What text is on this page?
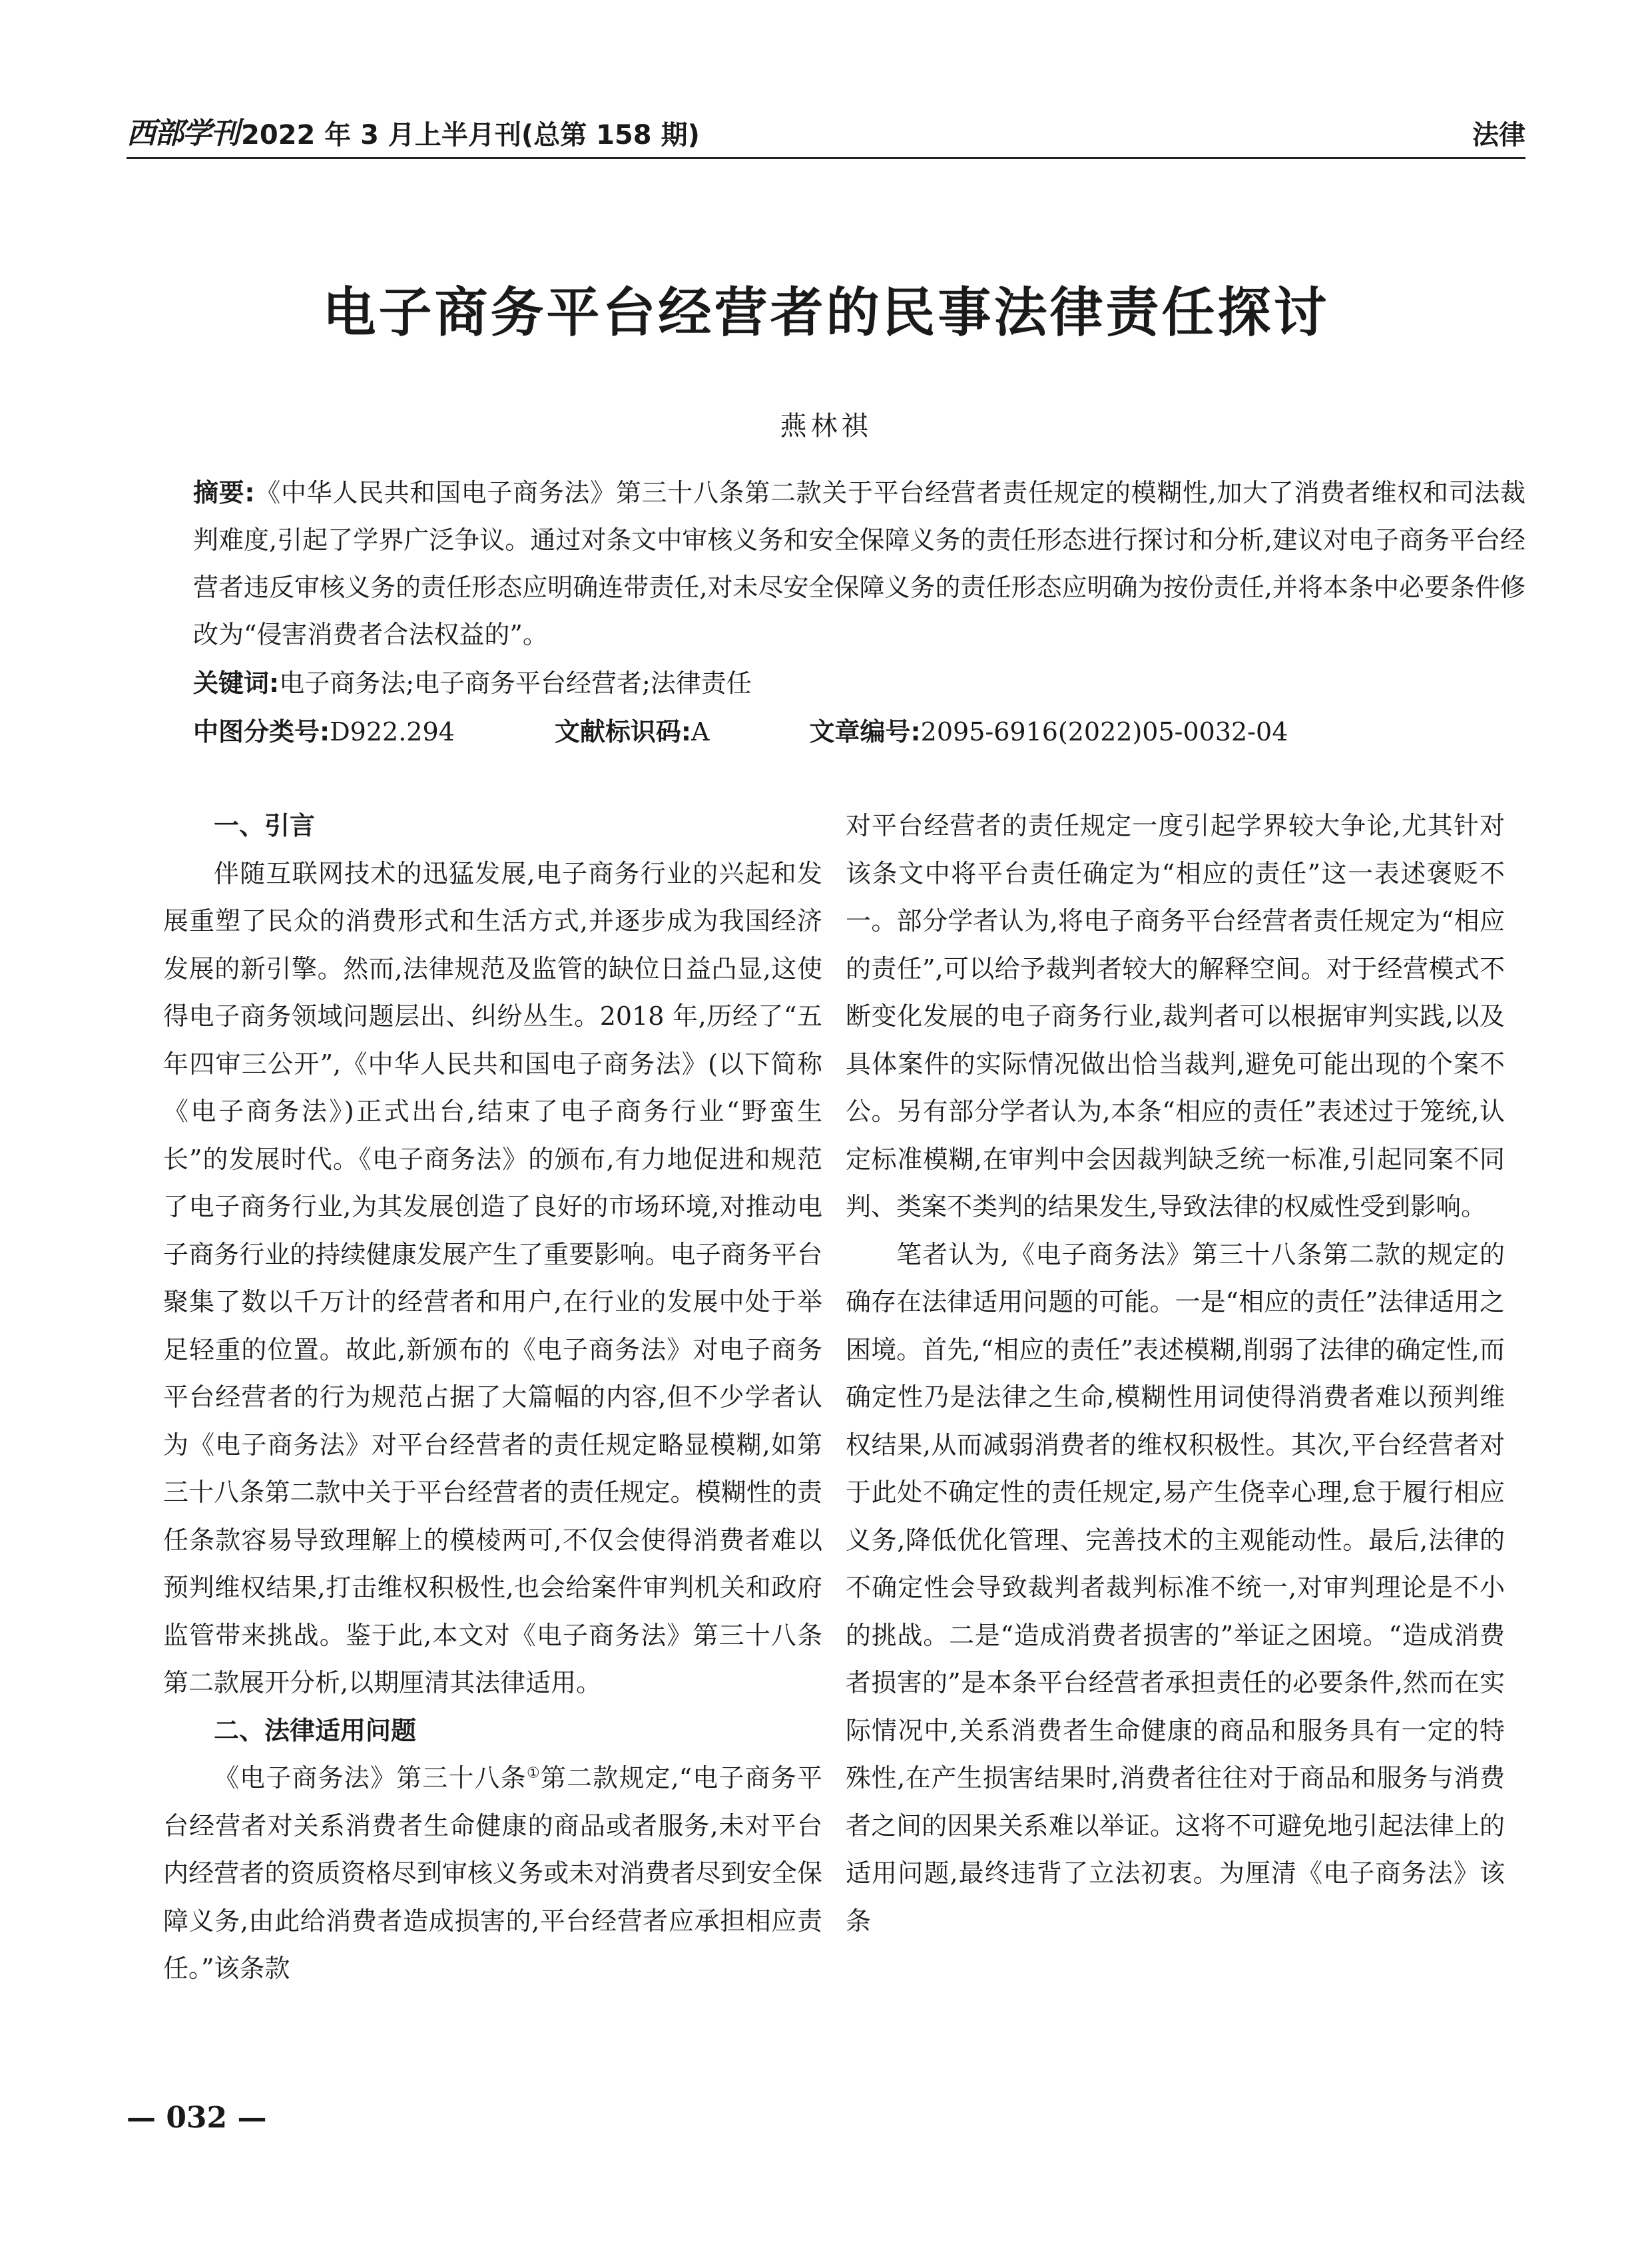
西部学刊 2022 年 3 月上半月刊(总第 158 期)	法律
电子商务平台经营者的民事法律责任探讨
燕林祺
摘要:《中华人民共和国电子商务法》第三十八条第二款关于平台经营者责任规定的模糊性,加大了消费者维权和司法裁判难度,引起了学界广泛争议。通过对条文中审核义务和安全保障义务的责任形态进行探讨和分析,建议对电子商务平台经营者违反审核义务的责任形态应明确连带责任,对未尽安全保障义务的责任形态应明确为按份责任,并将本条中必要条件修改为“侵害消费者合法权益的”。
关键词:电子商务法;电子商务平台经营者;法律责任
中图分类号:D922.294	文献标识码:A	文章编号:2095-6916(2022)05-0032-04
一、引言

伴随互联网技术的迅猛发展,电子商务行业的兴起和发展重塑了民众的消费形式和生活方式,并逐步成为我国经济发展的新引擎。然而,法律规范及监管的缺位日益凸显,这使得电子商务领域问题层出、纠纷丛生。2018 年,历经了“五年四审三公开”,《中华人民共和国电子商务法》(以下简称《电子商务法》)正式出台,结束了电子商务行业“野蛮生长”的发展时代。《电子商务法》的颁布,有力地促进和规范了电子商务行业,为其发展创造了良好的市场环境,对推动电子商务行业的持续健康发展产生了重要影响。电子商务平台聚集了数以千万计的经营者和用户,在行业的发展中处于举足轻重的位置。故此,新颁布的《电子商务法》对电子商务平台经营者的行为规范占据了大篇幅的内容,但不少学者认为《电子商务法》对平台经营者的责任规定略显模糊,如第三十八条第二款中关于平台经营者的责任规定。模糊性的责任条款容易导致理解上的模棱两可,不仅会使得消费者难以预判维权结果,打击维权积极性,也会给案件审判机关和政府监管带来挑战。鉴于此,本文对《电子商务法》第三十八条第二款展开分析,以期厘清其法律适用。

二、法律适用问题

《电子商务法》第三十八条①第二款规定,“电子商务平台经营者对关系消费者生命健康的商品或者服务,未对平台内经营者的资质资格尽到审核义务或未对消费者尽到安全保障义务,由此给消费者造成损害的,平台经营者应承担相应责任。”该条款

对平台经营者的责任规定一度引起学界较大争论,尤其针对该条文中将平台责任确定为“相应的责任”这一表述褒贬不一。部分学者认为,将电子商务平台经营者责任规定为“相应的责任”,可以给予裁判者较大的解释空间。对于经营模式不断变化发展的电子商务行业,裁判者可以根据审判实践,以及具体案件的实际情况做出恰当裁判,避免可能出现的个案不公。另有部分学者认为,本条“相应的责任”表述过于笼统,认定标准模糊,在审判中会因裁判缺乏统一标准,引起同案不同判、类案不类判的结果发生,导致法律的权威性受到影响。

笔者认为,《电子商务法》第三十八条第二款的规定的确存在法律适用问题的可能。一是“相应的责任”法律适用之困境。首先,“相应的责任”表述模糊,削弱了法律的确定性,而确定性乃是法律之生命,模糊性用词使得消费者难以预判维权结果,从而减弱消费者的维权积极性。其次,平台经营者对于此处不确定性的责任规定,易产生侥幸心理,怠于履行相应义务,降低优化管理、完善技术的主观能动性。最后,法律的不确定性会导致裁判者裁判标准不统一,对审判理论是不小的挑战。二是“造成消费者损害的”举证之困境。“造成消费者损害的”是本条平台经营者承担责任的必要条件,然而在实际情况中,关系消费者生命健康的商品和服务具有一定的特殊性,在产生损害结果时,消费者往往对于商品和服务与消费者之间的因果关系难以举证。这将不可避免地引起法律上的适用问题,最终违背了立法初衷。为厘清《电子商务法》该条

— 032 —
